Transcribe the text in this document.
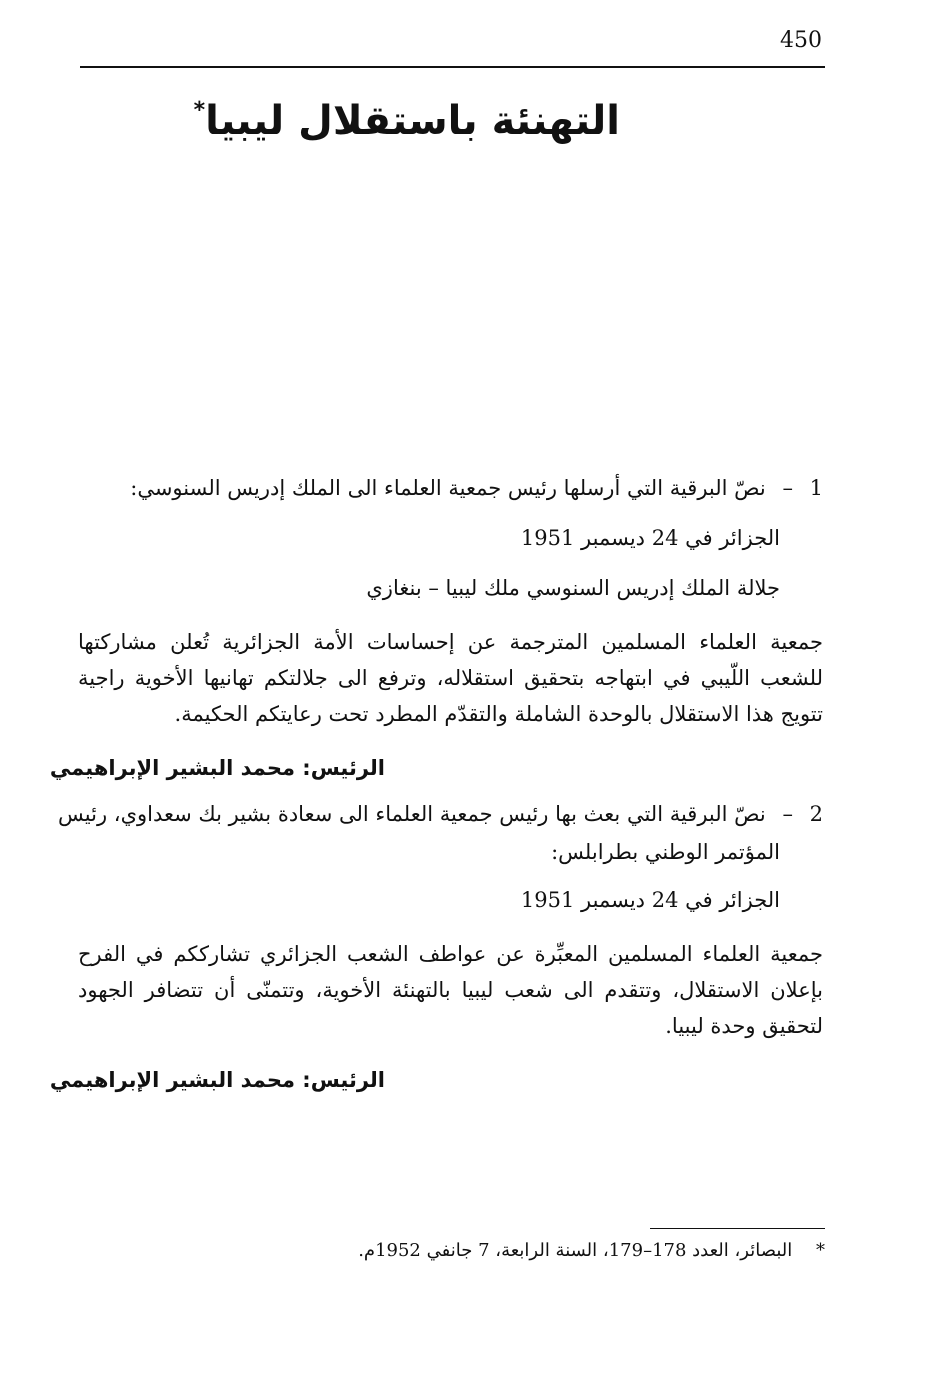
450
التهنئة باستقلال ليبيا*
1 – نصّ البرقية التي أرسلها رئيس جمعية العلماء الى الملك إدريس السنوسي:
الجزائر في 24 ديسمبر 1951
جلالة الملك إدريس السنوسي ملك ليبيا – بنغازي
جمعية العلماء المسلمين المترجمة عن إحساسات الأمة الجزائرية تُعلن مشاركتها للشعب اللّيبي في ابتهاجه بتحقيق استقلاله، وترفع الى جلالتكم تهانيها الأخوية راجية تتويج هذا الاستقلال بالوحدة الشاملة والتقدّم المطرد تحت رعايتكم الحكيمة.
الرئيس: محمد البشير الإبراهيمي
2 – نصّ البرقية التي بعث بها رئيس جمعية العلماء الى سعادة بشير بك سعداوي، رئيس
المؤتمر الوطني بطرابلس:
الجزائر في 24 ديسمبر 1951
جمعية العلماء المسلمين المعبِّرة عن عواطف الشعب الجزائري تشارككم في الفرح بإعلان الاستقلال، وتتقدم الى شعب ليبيا بالتهنئة الأخوية، وتتمنّى أن تتضافر الجهود لتحقيق وحدة ليبيا.
الرئيس: محمد البشير الإبراهيمي
* البصائر، العدد 178–179، السنة الرابعة، 7 جانفي 1952م.
